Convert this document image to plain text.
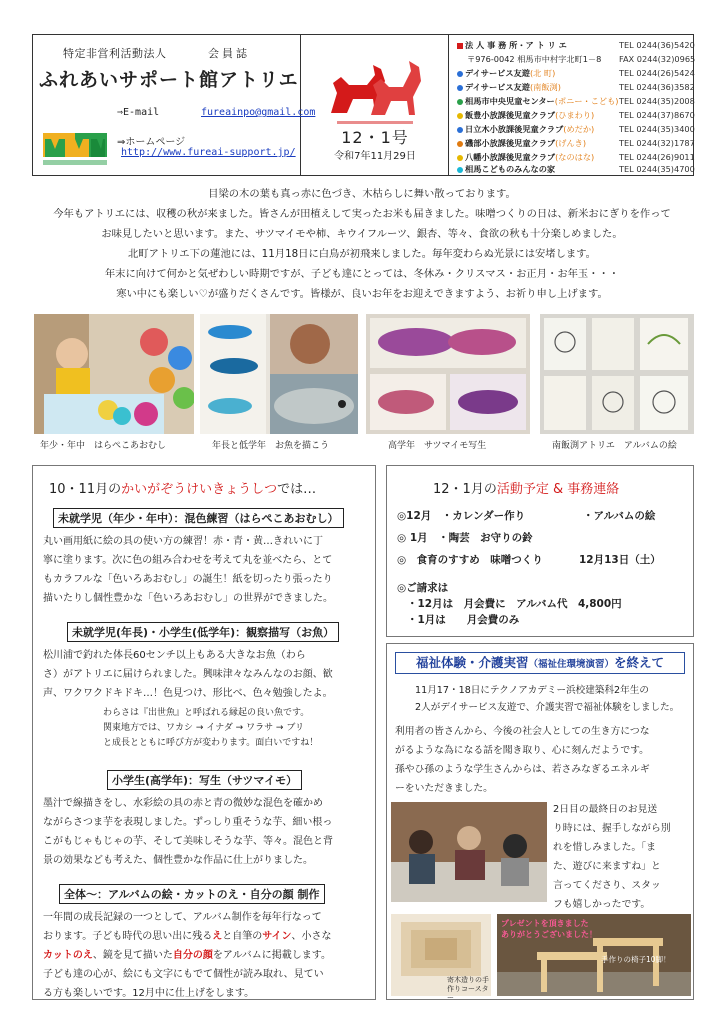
特定非営利活動法人	会員誌
ふれあいサポート館アトリエ
⇒E-mail	fureainpo@gmail.com
⇒ホームページ
http://www.fureai-support.jp/
12・1号
令和7年11月29日
法 人 事 務 所・ア ト リ エ	TEL 0244(36)5420
〒976-0042 相馬市中村字北町1－8 FAX 0244(32)0965
デイサービス友遊(北 町)	TEL 0244(26)5424
デイサービス友遊(南飯渕)	TEL 0244(36)3582
相馬市中央児童センター(ポニー・こども) TEL 0244(35)2008
飯豊小放課後児童クラブ(ひまわり)	TEL 0244(37)8670
日立木小放課後児童クラブ(めだか)	TEL 0244(35)3400
磯部小放課後児童クラブ(げんき)	TEL 0244(32)1787
八幡小放課後児童クラブ(なのはな)	TEL 0244(26)9011
相馬こどものみんなの家	TEL 0244(35)4700
目梁の木の葉も真っ赤に色づき、木枯らしに舞い散っております。
今年もアトリエには、収穫の秋が来ました。皆さんが田植えして実ったお米も届きました。味噌つくりの日は、新米おにぎりを作って
お味見したいと思います。また、サツマイモや柿、キウイフルーツ、銀杏、等々、食欲の秋も十分楽しめました。
北町アトリエ下の蓮池には、11月18日に白鳥が初飛来しました。毎年変わらぬ光景には安堵します。
年末に向けて何かと気ぜわしい時期ですが、子ども達にとっては、冬休み・クリスマス・お正月・お年玉・・・
寒い中にも楽しい♡が盛りだくさんです。皆様が、良いお年をお迎えできますよう、お祈り申し上げます。
年少・年中　はらぺこあおむし	年長と低学年　お魚を描こう	高学年　サツマイモ写生	南飯渕アトリエ　アルバムの絵
10・11月のかいがぞうけいきょうしつでは…
未就学児（年少・年中）：混色練習（はらぺこあおむし）
丸い画用紙に絵の具の使い方の練習！赤・青・黄…きれいに丁
寧に塗ります。次に色の組み合わせを考えて丸を並べたら、とて
もカラフルな「色いろあおむし」の誕生！紙を切ったり張ったり
描いたりし個性豊かな「色いろあおむし」の世界ができました。
未就学児(年長)・小学生(低学年)：観察描写（お魚）
松川浦で釣れた体長60センチ以上もある大きなお魚（わら
さ）がアトリエに届けられました。興味津々なみんなのお顔、歓
声、ワクワクドキドキ…！色見つけ、形比べ、色々勉強したよ。
わらさは『出世魚』と呼ばれる縁起の良い魚です。
関東地方では、ワカシ → イナダ → ワラサ → ブリ
と成長とともに呼び方が変わります。面白いですね！
小学生(高学年)：写生（サツマイモ）
墨汁で線描きをし、水彩絵の具の赤と青の微妙な混色を確かめ
ながらさつま芋を表現しました。ずっしり重そうな芋、細い根っ
こがもじゃもじゃの芋、そして美味しそうな芋、等々。混色と背
景の効果なども考えた、個性豊かな作品に仕上がりました。
全体～：アルバムの絵・カットのえ・自分の顔 制作
一年間の成長記録の一つとして、アルバム制作を毎年行なって
おります。子ども時代の思い出に残るえと自筆のサイン、小さな
カットのえ、鏡を見て描いた自分の顔をアルバムに掲載します。
子ども達の心が、絵にも文字にもでて個性が読み取れ、見てい
る方も楽しいです。12月中に仕上げをします。
12・1月の活動予定 & 事務連絡
◎12月　・カレンダー作り	・アルバムの絵
◎ 1月　・陶芸　お守りの鈴
◎　食育のすすめ　味噌つくり	12月13日（土）
◎ご請求は
・12月は　月会費に　アルバム代　4,800円
・1月は　　月会費のみ
福祉体験・介護実習（福祉住環境演習）を終えて
11月17・18日にテクノアカデミー浜校建築科2年生の
2人がデイサービス友遊で、介護実習で福祉体験をしました。
利用者の皆さんから、今後の社会人としての生き方につな
がるような為になる話を聞き取り、心に刻んだようです。
孫やひ孫のような学生さんからは、若さみなぎるエネルギ
ーをいただきました。
2日目の最終日のお見送
り時には、握手しながら別
れを惜しみました。「ま
た、遊びに来ますね」と
言ってくださり、スタッ
フも嬉しかったです。
寄木造りの手作りコースター
プレゼントを頂きました
ありがとうございました！
手作りの椅子10脚！
